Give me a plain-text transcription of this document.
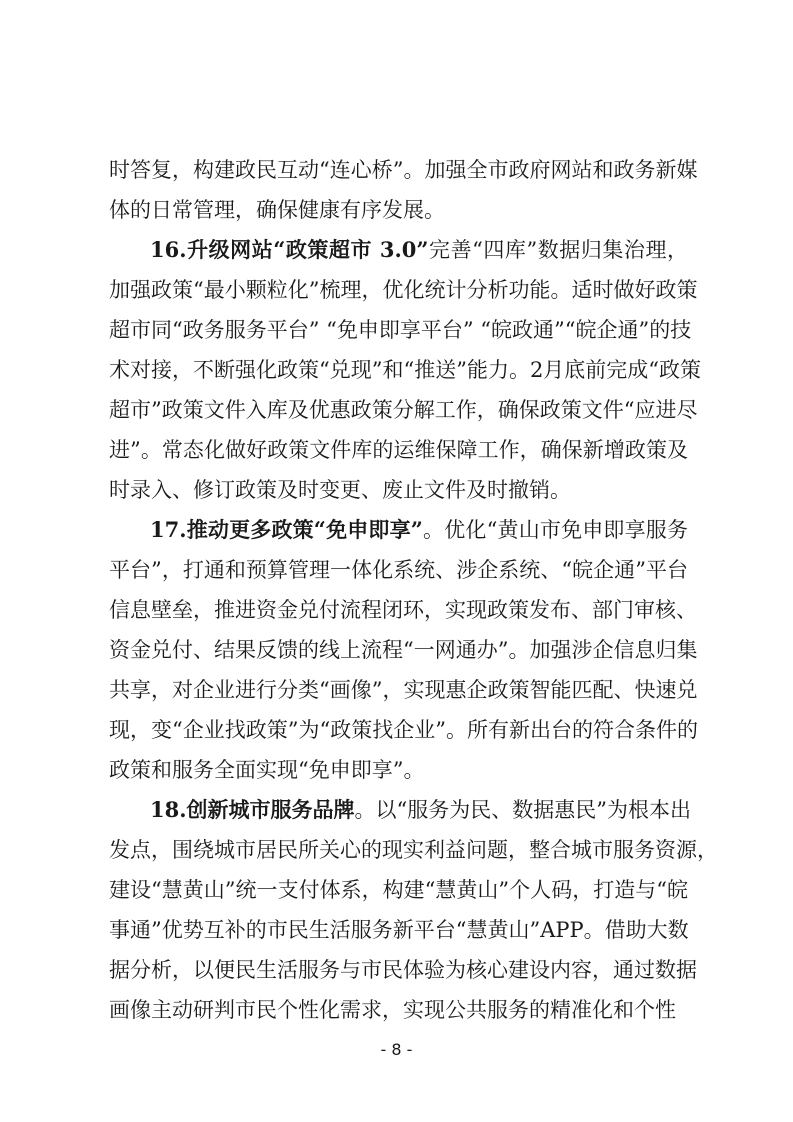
时答复，构建政民互动“连心桥”。加强全市政府网站和政务新媒
体的日常管理，确保健康有序发展。
16.升级网站“政策超市 3.0”完善“四库”数据归集治理，
加强政策“最小颗粒化”梳理，优化统计分析功能。适时做好政策
超市同“政务服务平台” “免申即享平台” “皖政通”“皖企通”的技
术对接，不断强化政策“兑现”和“推送”能力。2月底前完成“政策
超市”政策文件入库及优惠政策分解工作，确保政策文件“应进尽
进”。常态化做好政策文件库的运维保障工作，确保新增政策及
时录入、修订政策及时变更、废止文件及时撤销。
17.推动更多政策“免申即享”。优化“黄山市免申即享服务
平台”，打通和预算管理一体化系统、涉企系统、“皖企通”平台
信息壁垒，推进资金兑付流程闭环，实现政策发布、部门审核、
资金兑付、结果反馈的线上流程“一网通办”。加强涉企信息归集
共享，对企业进行分类“画像”，实现惠企政策智能匹配、快速兑
现，变“企业找政策”为“政策找企业”。所有新出台的符合条件的
政策和服务全面实现“免申即享”。
18.创新城市服务品牌。以“服务为民、数据惠民”为根本出
发点，围绕城市居民所关心的现实利益问题，整合城市服务资源，
建设“慧黄山”统一支付体系，构建“慧黄山”个人码，打造与“皖
事通”优势互补的市民生活服务新平台“慧黄山”APP。借助大数
据分析，以便民生活服务与市民体验为核心建设内容，通过数据
画像主动研判市民个性化需求，实现公共服务的精准化和个性
- 8 -
